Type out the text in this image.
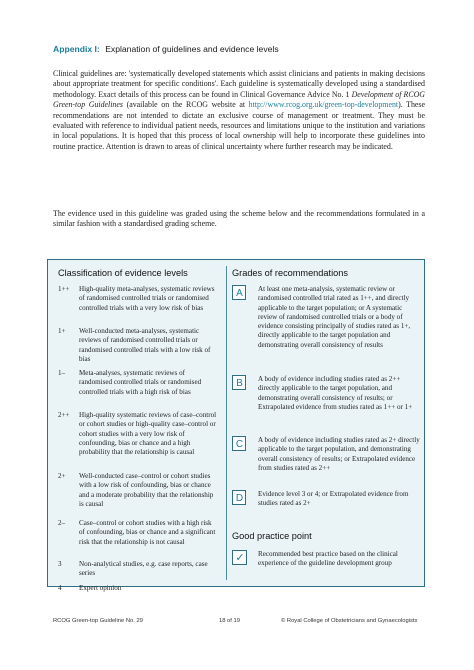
Appendix I: Explanation of guidelines and evidence levels

Clinical guidelines are: 'systematically developed statements which assist clinicians and patients in making decisions about appropriate treatment for specific conditions'. Each guideline is systematically developed using a standardised methodology. Exact details of this process can be found in Clinical Governance Advice No. 1 Development of RCOG Green-top Guidelines (available on the RCOG website at http://www.rcog.org.uk/green-top-development). These recommendations are not intended to dictate an exclusive course of management or treatment. They must be evaluated with reference to individual patient needs, resources and limitations unique to the institution and variations in local populations. It is hoped that this process of local ownership will help to incorporate these guidelines into routine practice. Attention is drawn to areas of clinical uncertainty where further research may be indicated.

The evidence used in this guideline was graded using the scheme below and the recommendations formulated in a similar fashion with a standardised grading scheme.

Classification of evidence levels
1++ High-quality meta-analyses, systematic reviews of randomised controlled trials or randomised controlled trials with a very low risk of bias
1+ Well-conducted meta-analyses, systematic reviews of randomised controlled trials or randomised controlled trials with a low risk of bias
1– Meta-analyses, systematic reviews of randomised controlled trials or randomised controlled trials with a high risk of bias
2++ High-quality systematic reviews of case–control or cohort studies or high-quality case–control or cohort studies with a very low risk of confounding, bias or chance and a high probability that the relationship is causal
2+ Well-conducted case–control or cohort studies with a low risk of confounding, bias or chance and a moderate probability that the relationship is causal
2– Case–control or cohort studies with a high risk of confounding, bias or chance and a significant risk that the relationship is not causal
3 Non-analytical studies, e.g. case reports, case series
4 Expert opinion
Grades of recommendations
A	At least one meta-analysis, systematic review or randomised controlled trial rated as 1++, and directly applicable to the target population; or A systematic review of randomised controlled trials or a body of evidence consisting principally of studies rated as 1+, directly applicable to the target population and demonstrating overall consistency of results
B	A body of evidence including studies rated as 2++ directly applicable to the target population, and demonstrating overall consistency of results; or Extrapolated evidence from studies rated as 1++ or 1+
C	A body of evidence including studies rated as 2+ directly applicable to the target population, and demonstrating overall consistency of results; or Extrapolated evidence from studies rated as 2++
D	Evidence level 3 or 4; or Extrapolated evidence from studies rated as 2+
Good practice point
✓	Recommended best practice based on the clinical experience of the guideline development group
RCOG Green-top Guideline No. 29	18 of 19	© Royal College of Obstetricians and Gynaecologists
